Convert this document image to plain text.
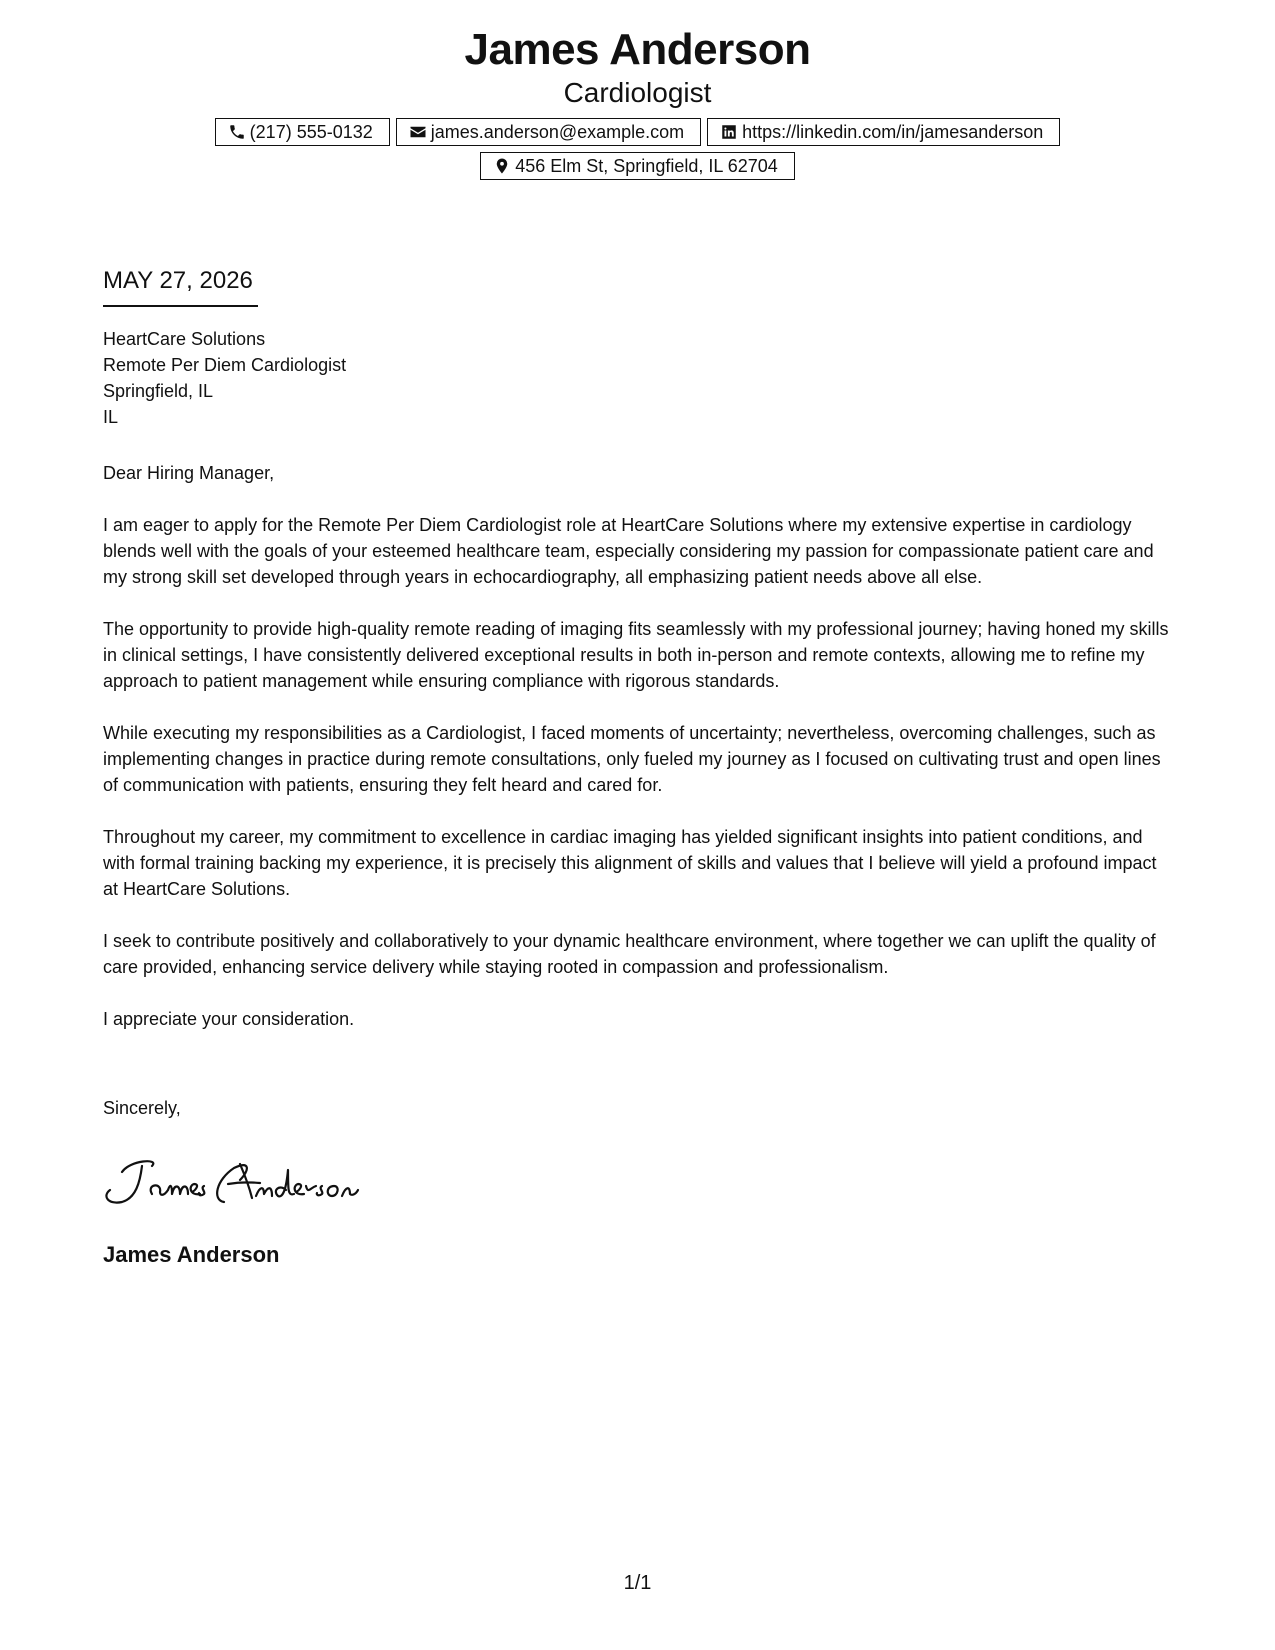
James Anderson
Cardiologist
(217) 555-0132	james.anderson@example.com	https://linkedin.com/in/jamesanderson
456 Elm St, Springfield, IL 62704
MAY 27, 2026
HeartCare Solutions
Remote Per Diem Cardiologist
Springfield, IL
IL

Dear Hiring Manager,

I am eager to apply for the Remote Per Diem Cardiologist role at HeartCare Solutions where my extensive expertise in cardiology blends well with the goals of your esteemed healthcare team, especially considering my passion for compassionate patient care and my strong skill set developed through years in echocardiography, all emphasizing patient needs above all else.

The opportunity to provide high-quality remote reading of imaging fits seamlessly with my professional journey; having honed my skills in clinical settings, I have consistently delivered exceptional results in both in-person and remote contexts, allowing me to refine my approach to patient management while ensuring compliance with rigorous standards.

While executing my responsibilities as a Cardiologist, I faced moments of uncertainty; nevertheless, overcoming challenges, such as implementing changes in practice during remote consultations, only fueled my journey as I focused on cultivating trust and open lines of communication with patients, ensuring they felt heard and cared for.

Throughout my career, my commitment to excellence in cardiac imaging has yielded significant insights into patient conditions, and with formal training backing my experience, it is precisely this alignment of skills and values that I believe will yield a profound impact at HeartCare Solutions.

I seek to contribute positively and collaboratively to your dynamic healthcare environment, where together we can uplift the quality of care provided, enhancing service delivery while staying rooted in compassion and professionalism.

I appreciate your consideration.

Sincerely,
James Anderson
1/1
